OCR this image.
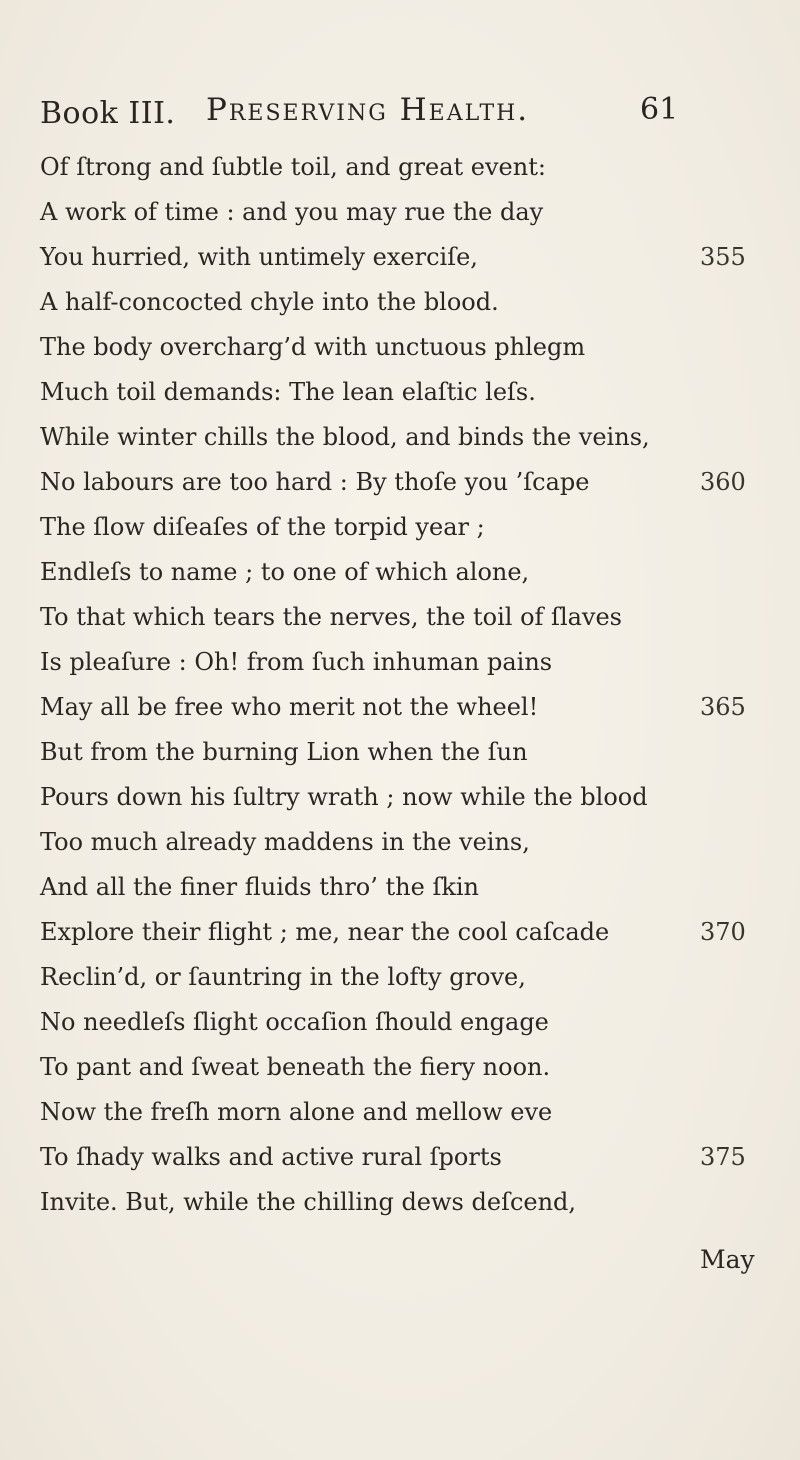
Book III. Preserving Health.	61
Of ſtrong and ſubtle toil, and great event:
A work of time : and you may rue the day
You hurried, with untimely exerciſe,	355
A half-concocted chyle into the blood.
The body overcharg’d with unctuous phlegm
Much toil demands: The lean elaſtic leſs.
While winter chills the blood, and binds the veins,
No labours are too hard : By thoſe you ’ſcape	360
The ſlow diſeaſes of the torpid year ;
Endleſs to name ; to one of which alone,
To that which tears the nerves, the toil of ſlaves
Is pleaſure : Oh! from ſuch inhuman pains
May all be free who merit not the wheel!	365
But from the burning Lion when the ſun
Pours down his ſultry wrath ; now while the blood
Too much already maddens in the veins,
And all the finer fluids thro’ the ſkin
Explore their flight ; me, near the cool caſcade	370
Reclin’d, or ſauntring in the lofty grove,
No needleſs ſlight occaſion ſhould engage
To pant and ſweat beneath the fiery noon.
Now the freſh morn alone and mellow eve
To ſhady walks and active rural ſports	375
Invite. But, while the chilling dews deſcend,
May
